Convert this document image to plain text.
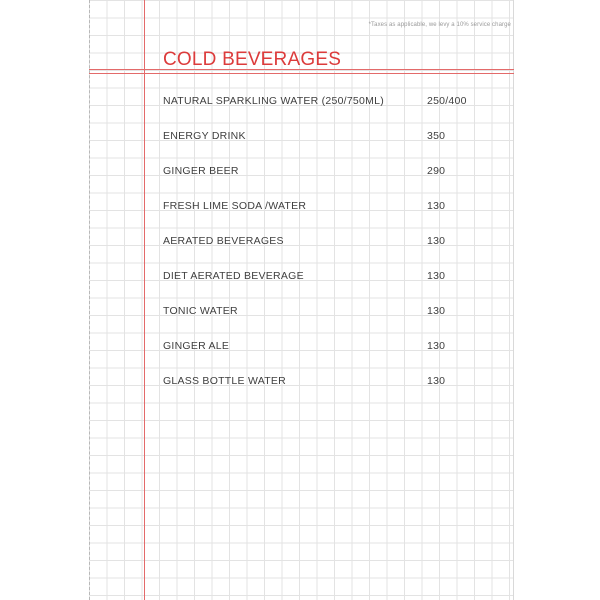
*Taxes as applicable, we levy a 10% service charge
COLD BEVERAGES
NATURAL SPARKLING WATER (250/750ML)	250/400
ENERGY DRINK	350
GINGER BEER	290
FRESH LIME SODA /WATER	130
AERATED BEVERAGES	130
DIET AERATED BEVERAGE	130
TONIC WATER	130
GINGER ALE	130
GLASS BOTTLE WATER	130
